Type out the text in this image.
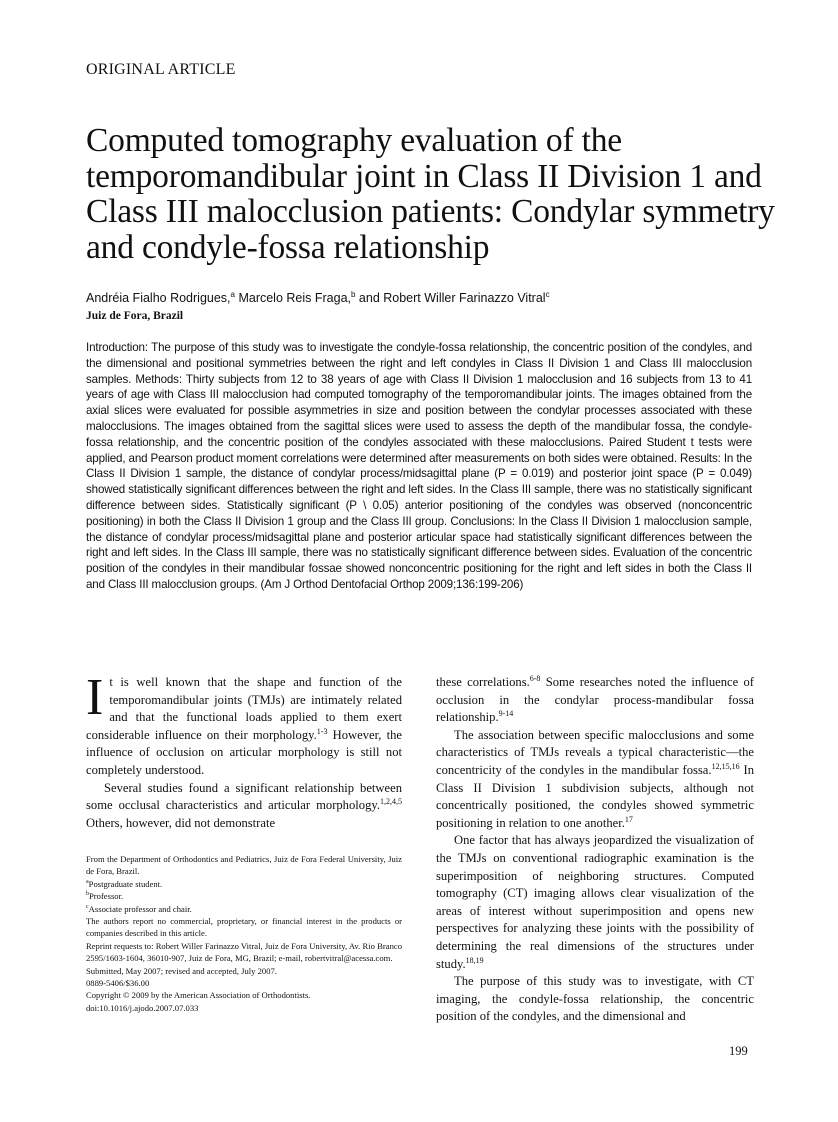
ORIGINAL ARTICLE
Computed tomography evaluation of the temporomandibular joint in Class II Division 1 and Class III malocclusion patients: Condylar symmetry and condyle-fossa relationship
Andréia Fialho Rodrigues,$^a$ Marcelo Reis Fraga,$^b$ and Robert Willer Farinazzo Vitral$^c$
Juiz de Fora, Brazil

Introduction: The purpose of this study was to investigate the condyle-fossa relationship, the concentric position of the condyles, and the dimensional and positional symmetries between the right and left condyles in Class II Division 1 and Class III malocclusion samples. Methods: Thirty subjects from 12 to 38 years of age with Class II Division 1 malocclusion and 16 subjects from 13 to 41 years of age with Class III malocclusion had computed tomography of the temporomandibular joints. The images obtained from the axial slices were evaluated for possible asymmetries in size and position between the condylar processes associated with these malocclusions. The images obtained from the sagittal slices were used to assess the depth of the mandibular fossa, the condyle-fossa relationship, and the concentric position of the condyles associated with these malocclusions. Paired Student t tests were applied, and Pearson product moment correlations were determined after measurements on both sides were obtained. Results: In the Class II Division 1 sample, the distance of condylar process/midsagittal plane (P = 0.019) and posterior joint space (P = 0.049) showed statistically significant differences between the right and left sides. In the Class III sample, there was no statistically significant difference between sides. Statistically significant (P \ 0.05) anterior positioning of the condyles was observed (nonconcentric positioning) in both the Class II Division 1 group and the Class III group. Conclusions: In the Class II Division 1 malocclusion sample, the distance of condylar process/midsagittal plane and posterior articular space had statistically significant differences between the right and left sides. In the Class III sample, there was no statistically significant difference between sides. Evaluation of the concentric position of the condyles in their mandibular fossae showed nonconcentric positioning for the right and left sides in both the Class II and Class III malocclusion groups. (Am J Orthod Dentofacial Orthop 2009;136:199-206)

It is well known that the shape and function of the temporomandibular joints (TMJs) are intimately related and that the functional loads applied to them exert considerable influence on their morphology.$^{1-3}$ However, the influence of occlusion on articular morphology is still not completely understood.

Several studies found a significant relationship between some occlusal characteristics and articular morphology.$^{1,2,4,5}$ Others, however, did not demonstrate

From the Department of Orthodontics and Pediatrics, Juiz de Fora Federal University, Juiz de Fora, Brazil.
$^a$Postgraduate student.
$^b$Professor.
$^c$Associate professor and chair.
The authors report no commercial, proprietary, or financial interest in the products or companies described in this article.
Reprint requests to: Robert Willer Farinazzo Vitral, Juiz de Fora University, Av. Rio Branco 2595/1603-1604, 36010-907, Juiz de Fora, MG, Brazil; e-mail, robertvitral@acessa.com.
Submitted, May 2007; revised and accepted, July 2007.
0889-5406/$36.00
Copyright © 2009 by the American Association of Orthodontists.
doi:10.1016/j.ajodo.2007.07.033

these correlations.$^{6-8}$ Some researches noted the influence of occlusion in the condylar process-mandibular fossa relationship.$^{9-14}$

The association between specific malocclusions and some characteristics of TMJs reveals a typical characteristic—the concentricity of the condyles in the mandibular fossa.$^{12,15,16}$ In Class II Division 1 subdivision subjects, although not concentrically positioned, the condyles showed symmetric positioning in relation to one another.$^{17}$

One factor that has always jeopardized the visualization of the TMJs on conventional radiographic examination is the superimposition of neighboring structures. Computed tomography (CT) imaging allows clear visualization of the areas of interest without superimposition and opens new perspectives for analyzing these joints with the possibility of determining the real dimensions of the structures under study.$^{18,19}$

The purpose of this study was to investigate, with CT imaging, the condyle-fossa relationship, the concentric position of the condyles, and the dimensional and

199
